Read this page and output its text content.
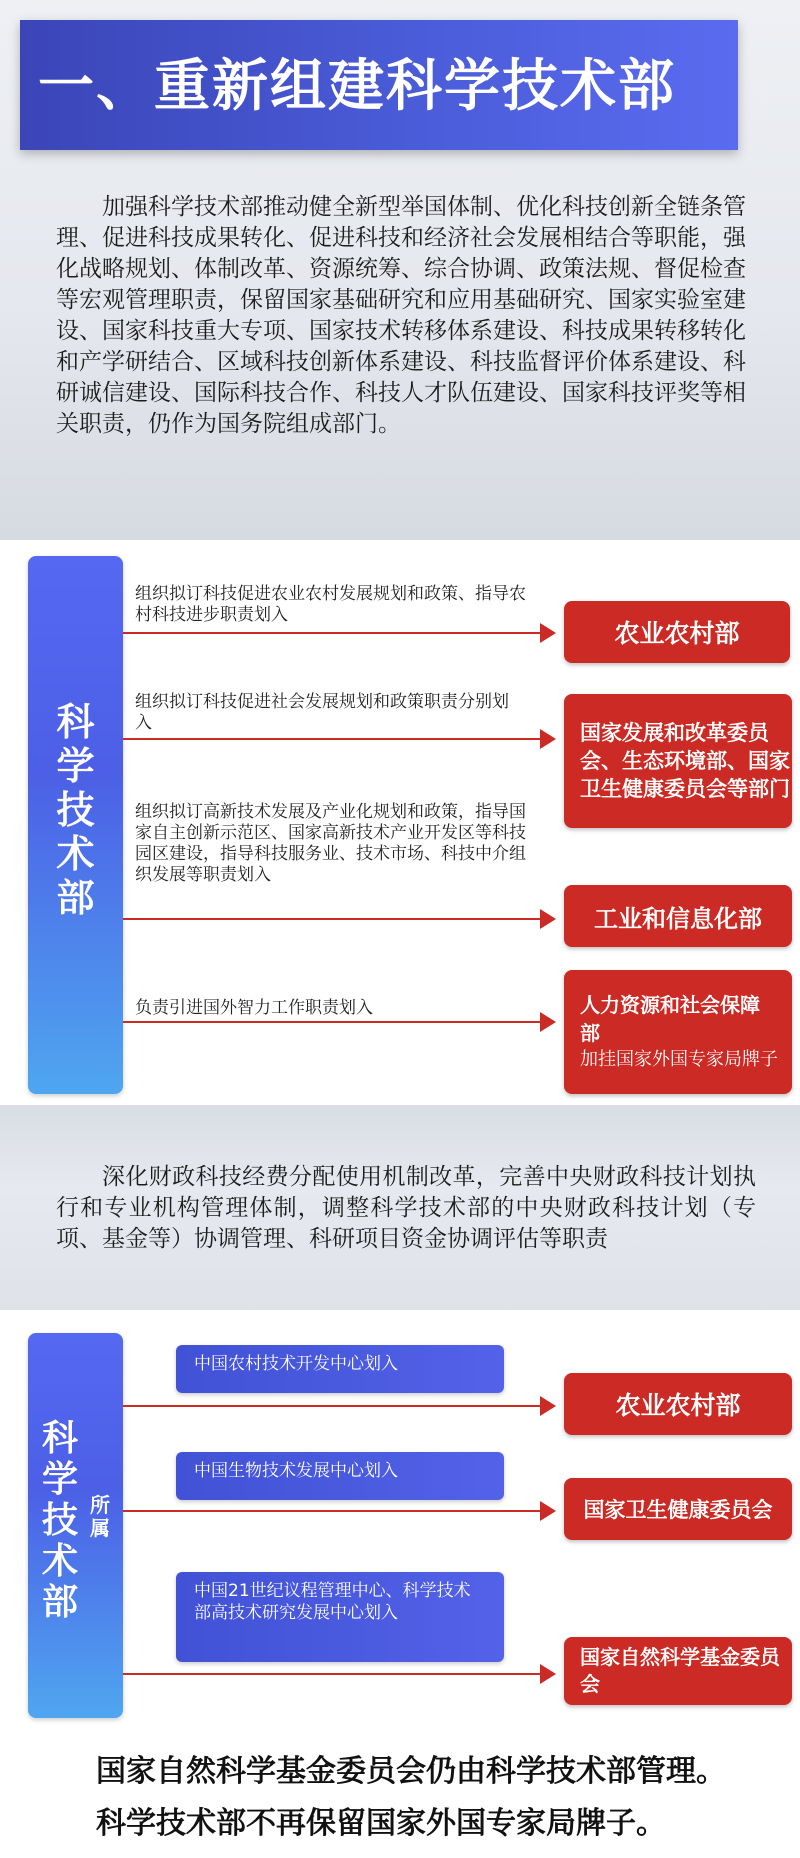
一、重新组建科学技术部
加强科学技术部推动健全新型举国体制、优化科技创新全链条管理、促进科技成果转化、促进科技和经济社会发展相结合等职能，强化战略规划、体制改革、资源统筹、综合协调、政策法规、督促检查等宏观管理职责，保留国家基础研究和应用基础研究、国家实验室建设、国家科技重大专项、国家技术转移体系建设、科技成果转移转化和产学研结合、区域科技创新体系建设、科技监督评价体系建设、科研诚信建设、国际科技合作、科技人才队伍建设、国家科技评奖等相关职责，仍作为国务院组成部门。
科学技术部
组织拟订科技促进农业农村发展规划和政策、指导农村科技进步职责划入
农业农村部
组织拟订科技促进社会发展规划和政策职责分别划入	国家发展和改革委员会、生态环境部、国家卫生健康委员会等部门
组织拟订高新技术发展及产业化规划和政策，指导国家自主创新示范区、国家高新技术产业开发区等科技园区建设，指导科技服务业、技术市场、科技中介组织发展等职责划入
工业和信息化部
负责引进国外智力工作职责划入	人力资源和社会保障部
加挂国家外国专家局牌子
深化财政科技经费分配使用机制改革，完善中央财政科技计划执行和专业机构管理体制，调整科学技术部的中央财政科技计划（专项、基金等）协调管理、科研项目资金协调评估等职责
科学技术部
所属
中国农村技术开发中心划入
农业农村部
中国生物技术发展中心划入
国家卫生健康委员会
中国21世纪议程管理中心、科学技术部高技术研究发展中心划入
国家自然科学基金委员会
国家自然科学基金委员会仍由科学技术部管理。
科学技术部不再保留国家外国专家局牌子。
